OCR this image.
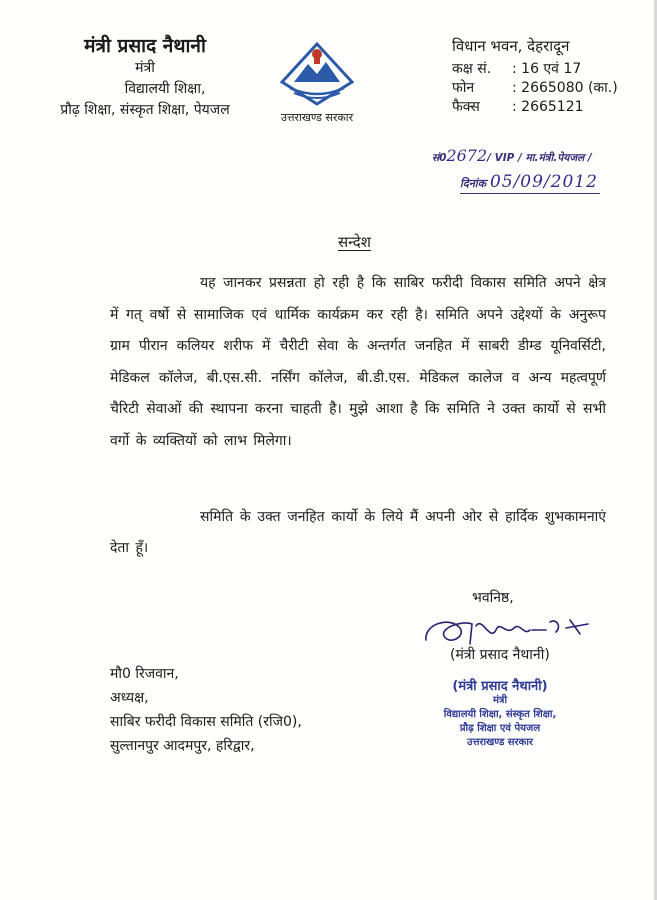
मंत्री प्रसाद नैथानी
मंत्री
विद्यालयी शिक्षा,
प्रौढ़ शिक्षा, संस्कृत शिक्षा, पेयजल	उत्तराखण्ड सरकार
विधान भवन, देहरादून
कक्ष सं.	: 16 एवं 17
फोन	: 2665080 (का.)
फैक्स	: 2665121
सं02672/ VIP / मा.मंत्री.पेयजल /
दिनांक 05/09/2012
सन्देश
यह जानकर प्रसन्नता हो रही है कि साबिर फरीदी विकास समिति अपने क्षेत्र में गत् वर्षो से सामाजिक एवं धार्मिक कार्यक्रम कर रही है। समिति अपने उद्देश्यों के अनुरूप ग्राम पीरान कलियर शरीफ में चैरीटी सेवा के अन्तर्गत जनहित में साबरी डीम्ड यूनिवर्सिटी, मेडिकल कॉलेज, बी.एस.सी. नर्सिंग कॉलेज, बी.डी.एस. मेडिकल कालेज व अन्य महत्वपूर्ण चैरिटी सेवाओं की स्थापना करना चाहती है। मुझे आशा है कि समिति ने उक्त कार्यो से सभी वर्गो के व्यक्तियों को लाभ मिलेगा।
समिति के उक्त जनहित कार्यो के लिये मैं अपनी ओर से हार्दिक शुभकामनाएं देता हूँ।
भवनिष्ठ,
(मंत्री प्रसाद नैथानी)
(मंत्री प्रसाद नैथानी)
मंत्री
विद्यालयी शिक्षा, संस्कृत शिक्षा,
प्रौढ़ शिक्षा एवं पेयजल
उत्तराखण्ड सरकार
मौ0 रिजवान,
अध्यक्ष,
साबिर फरीदी विकास समिति (रजि0),
सुल्तानपुर आदमपुर, हरिद्वार,
